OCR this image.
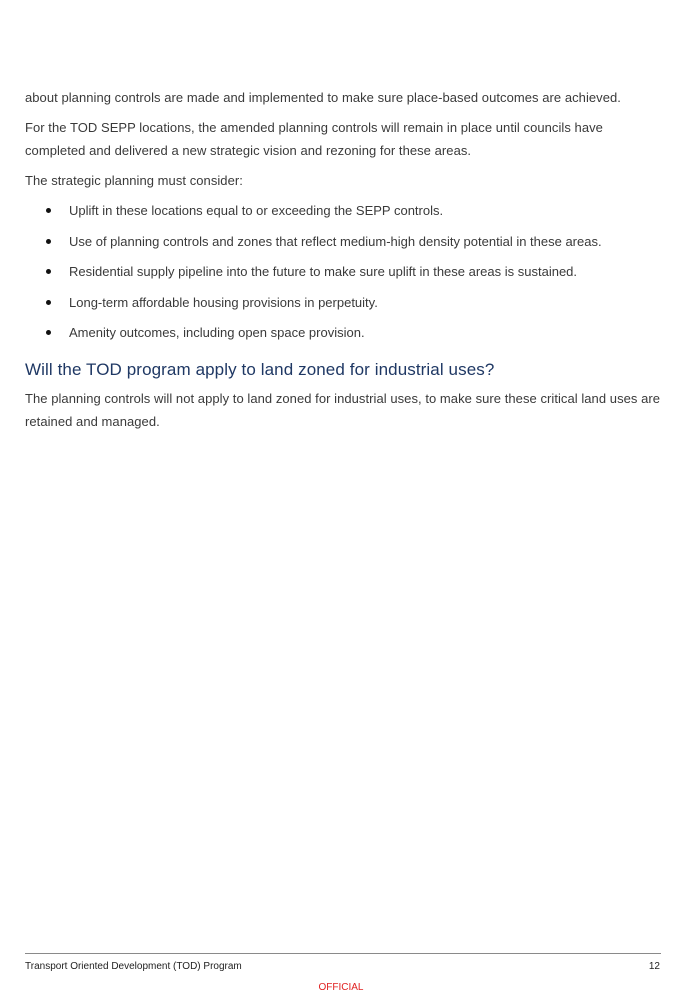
about planning controls are made and implemented to make sure place-based outcomes are achieved.

For the TOD SEPP locations, the amended planning controls will remain in place until councils have completed and delivered a new strategic vision and rezoning for these areas.

The strategic planning must consider:

Uplift in these locations equal to or exceeding the SEPP controls.
Use of planning controls and zones that reflect medium-high density potential in these areas.
Residential supply pipeline into the future to make sure uplift in these areas is sustained.
Long-term affordable housing provisions in perpetuity.
Amenity outcomes, including open space provision.
Will the TOD program apply to land zoned for industrial uses?

The planning controls will not apply to land zoned for industrial uses, to make sure these critical land uses are retained and managed.

Transport Oriented Development (TOD) Program	12
OFFICIAL
